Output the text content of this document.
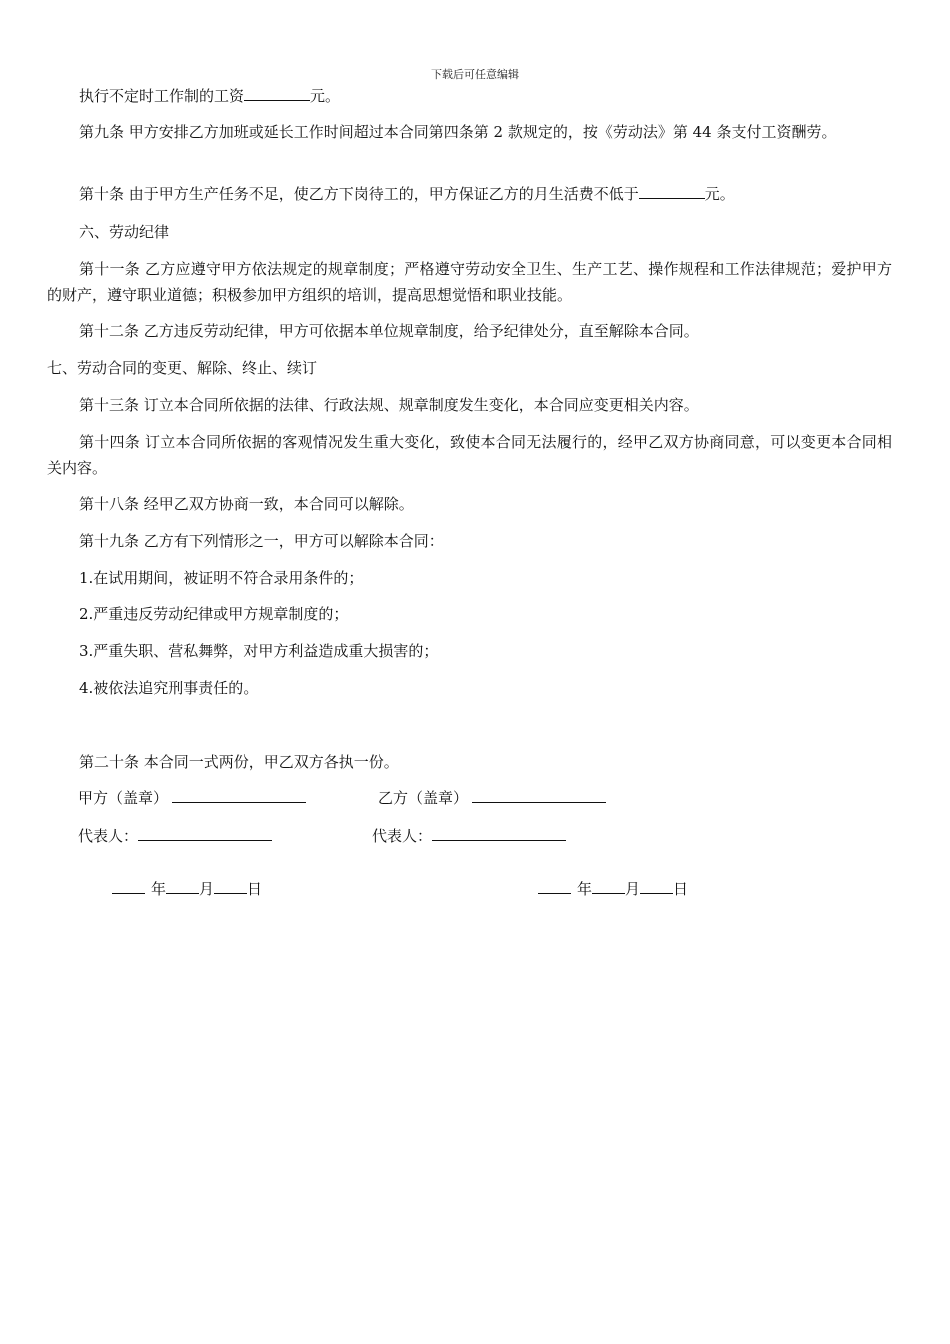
下载后可任意编辑

执行不定时工作制的工资	元。

第九条 甲方安排乙方加班或延长工作时间超过本合同第四条第 2 款规定的，按《劳动法》第 44 条支付工资酬劳。

第十条 由于甲方生产任务不足，使乙方下岗待工的，甲方保证乙方的月生活费不低于	元。

六、劳动纪律

第十一条 乙方应遵守甲方依法规定的规章制度；严格遵守劳动安全卫生、生产工艺、操作规程和工作法律规范；爱护甲方的财产，遵守职业道德；积极参加甲方组织的培训，提高思想觉悟和职业技能。

第十二条 乙方违反劳动纪律，甲方可依据本单位规章制度，给予纪律处分，直至解除本合同。

七、劳动合同的变更、解除、终止、续订

第十三条 订立本合同所依据的法律、行政法规、规章制度发生变化，本合同应变更相关内容。

第十四条 订立本合同所依据的客观情况发生重大变化，致使本合同无法履行的，经甲乙双方协商同意，可以变更本合同相关内容。

第十八条 经甲乙双方协商一致，本合同可以解除。

第十九条 乙方有下列情形之一，甲方可以解除本合同：

1.在试用期间，被证明不符合录用条件的；

2.严重违反劳动纪律或甲方规章制度的；

3.严重失职、营私舞弊，对甲方利益造成重大损害的；

4.被依法追究刑事责任的。

第二十条 本合同一式两份，甲乙双方各执一份。

甲方（盖章）	乙方（盖章）
代表人：	代表人：
年 月 日	年 月 日
